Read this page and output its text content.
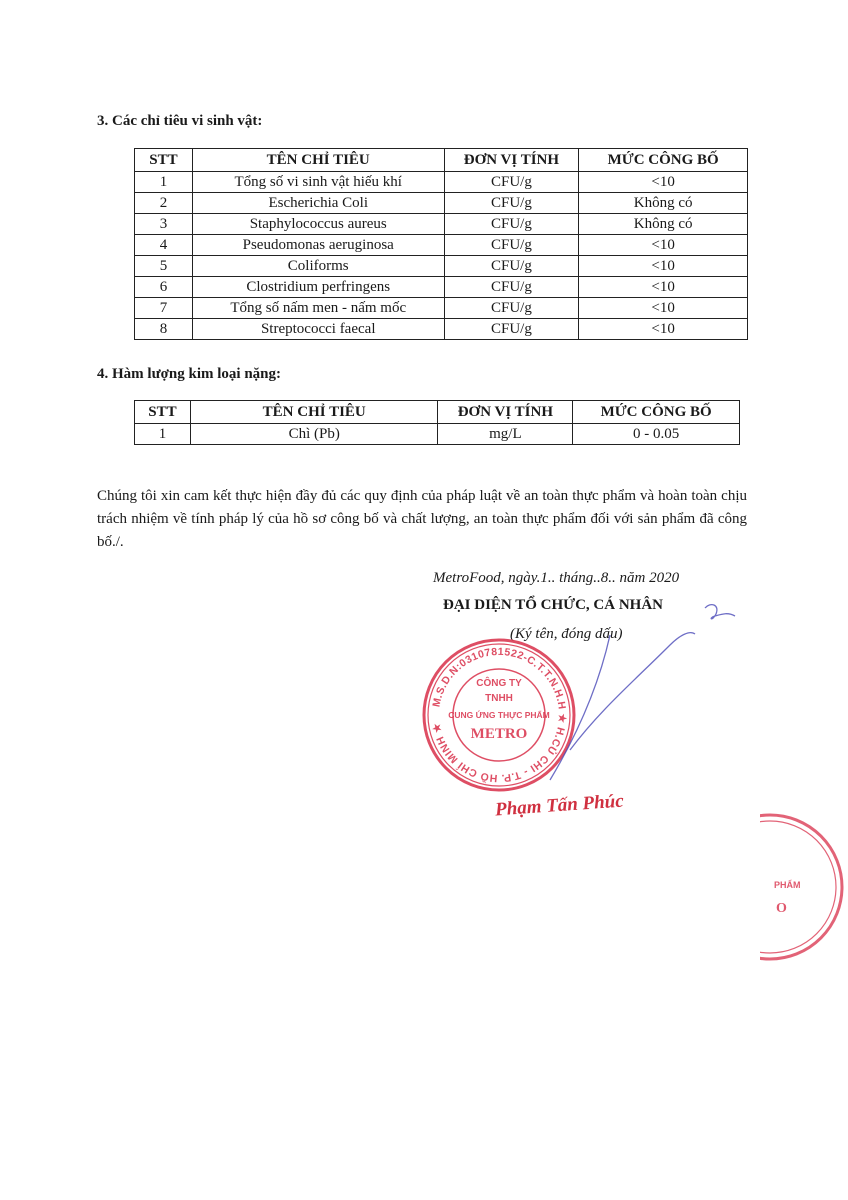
3. Các chỉ tiêu vi sinh vật:
STT	TÊN CHỈ TIÊU	ĐƠN VỊ TÍNH	MỨC CÔNG BỐ
1	Tổng số vi sinh vật hiếu khí	CFU/g	<10
2	Escherichia Coli	CFU/g	Không có
3	Staphylococcus aureus	CFU/g	Không có
4	Pseudomonas aeruginosa	CFU/g	<10
5	Coliforms	CFU/g	<10
6	Clostridium perfringens	CFU/g	<10
7	Tổng số nấm men - nấm mốc	CFU/g	<10
8	Streptococci faecal	CFU/g	<10
4. Hàm lượng kim loại nặng:
STT	TÊN CHỈ TIÊU	ĐƠN VỊ TÍNH	MỨC CÔNG BỐ
1	Chì (Pb)	mg/L	0 - 0.05
Chúng tôi xin cam kết thực hiện đầy đủ các quy định của pháp luật về an toàn thực phẩm và hoàn toàn chịu trách nhiệm về tính pháp lý của hồ sơ công bố và chất lượng, an toàn thực phẩm đối với sản phẩm đã công bố./.
MetroFood, ngày.1.. tháng..8.. năm 2020
ĐẠI DIỆN TỔ CHỨC, CÁ NHÂN
(Ký tên, đóng dấu)
M.S.D.N:0310781522-C.T.T.N.H.H ★ H.CỦ CHI - T.P. HỒ CHÍ MINH ★
CÔNG TY
TNHH
CUNG ỨNG THỰC PHẨM
METRO
Phạm Tấn Phúc
PHẨM
O
